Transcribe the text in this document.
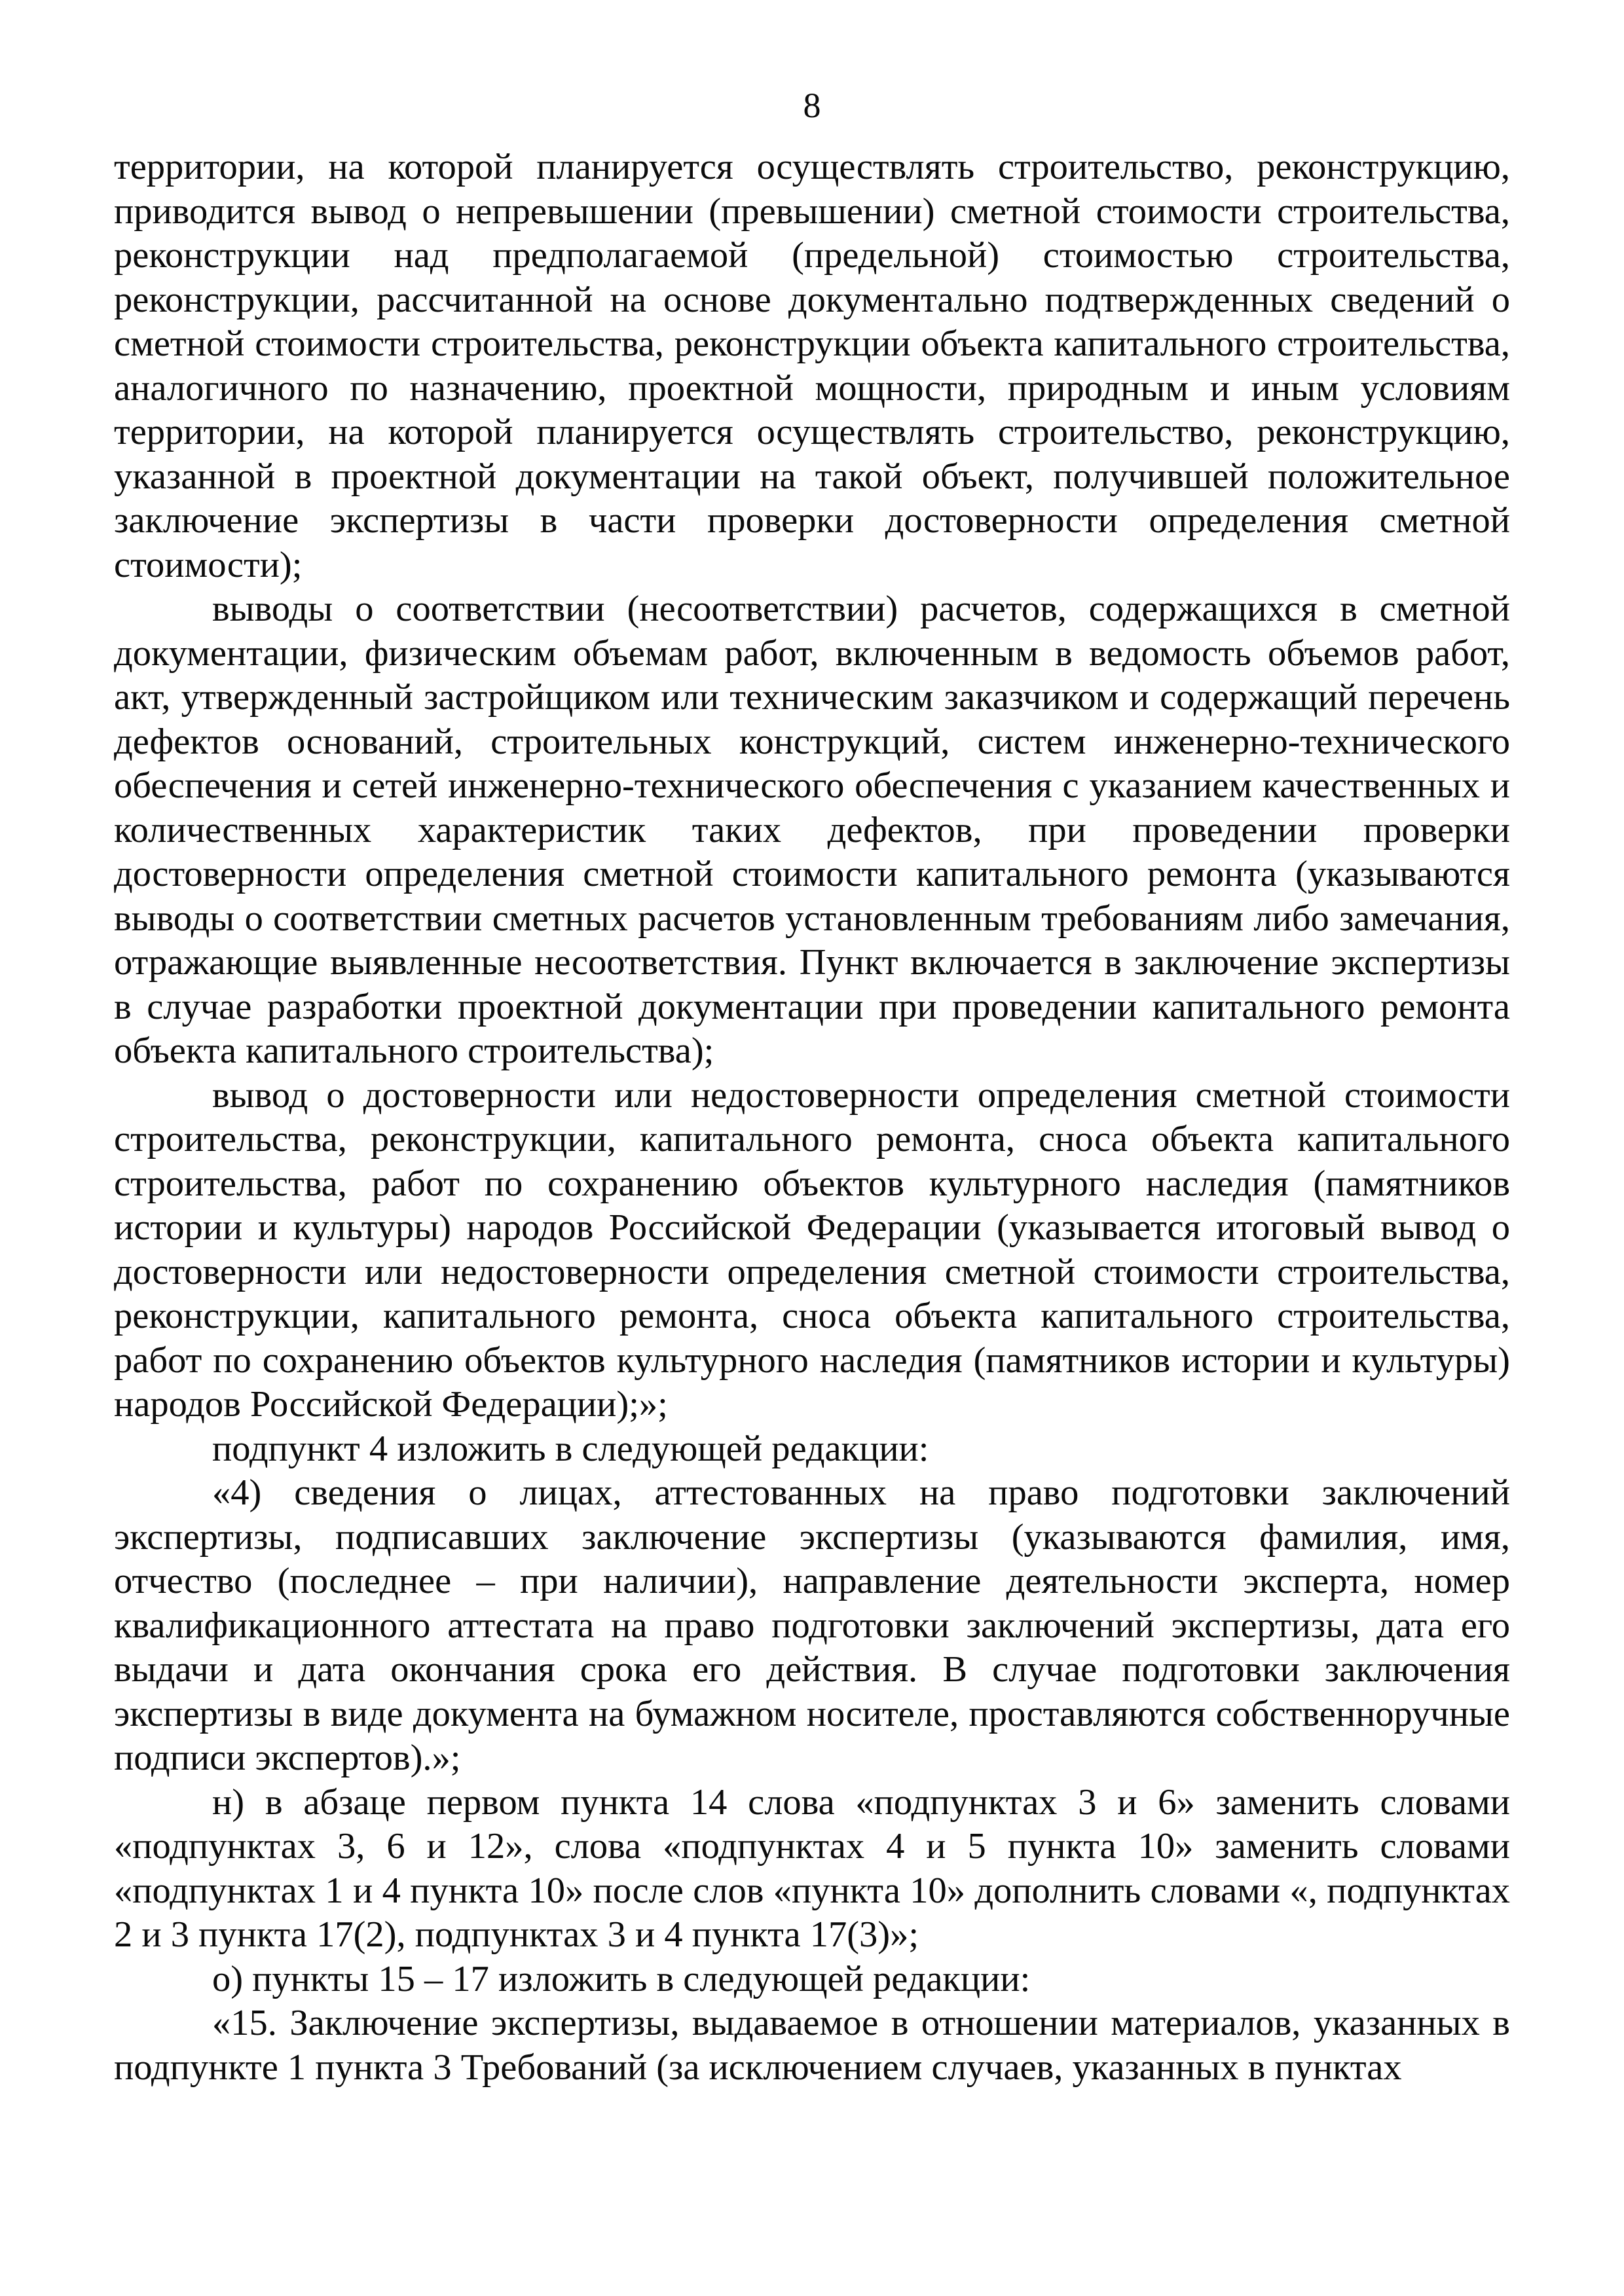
8

территории, на которой планируется осуществлять строительство, реконструкцию, приводится вывод о непревышении (превышении) сметной стоимости строительства, реконструкции над предполагаемой (предельной) стоимостью строительства, реконструкции, рассчитанной на основе документально подтвержденных сведений о сметной стоимости строительства, реконструкции объекта капитального строительства, аналогичного по назначению, проектной мощности, природным и иным условиям территории, на которой планируется осуществлять строительство, реконструкцию, указанной в проектной документации на такой объект, получившей положительное заключение экспертизы в части проверки достоверности определения сметной стоимости);

выводы о соответствии (несоответствии) расчетов, содержащихся в сметной документации, физическим объемам работ, включенным в ведомость объемов работ, акт, утвержденный застройщиком или техническим заказчиком и содержащий перечень дефектов оснований, строительных конструкций, систем инженерно-технического обеспечения и сетей инженерно-технического обеспечения с указанием качественных и количественных характеристик таких дефектов, при проведении проверки достоверности определения сметной стоимости капитального ремонта (указываются выводы о соответствии сметных расчетов установленным требованиям либо замечания, отражающие выявленные несоответствия. Пункт включается в заключение экспертизы в случае разработки проектной документации при проведении капитального ремонта объекта капитального строительства);

вывод о достоверности или недостоверности определения сметной стоимости строительства, реконструкции, капитального ремонта, сноса объекта капитального строительства, работ по сохранению объектов культурного наследия (памятников истории и культуры) народов Российской Федерации (указывается итоговый вывод о достоверности или недостоверности определения сметной стоимости строительства, реконструкции, капитального ремонта, сноса объекта капитального строительства, работ по сохранению объектов культурного наследия (памятников истории и культуры) народов Российской Федерации);»;

подпункт 4 изложить в следующей редакции:

«4) сведения о лицах, аттестованных на право подготовки заключений экспертизы, подписавших заключение экспертизы (указываются фамилия, имя, отчество (последнее – при наличии), направление деятельности эксперта, номер квалификационного аттестата на право подготовки заключений экспертизы, дата его выдачи и дата окончания срока его действия. В случае подготовки заключения экспертизы в виде документа на бумажном носителе, проставляются собственноручные подписи экспертов).»;

н) в абзаце первом пункта 14 слова «подпунктах 3 и 6» заменить словами «подпунктах 3, 6 и 12», слова «подпунктах 4 и 5 пункта 10» заменить словами «подпунктах 1 и 4 пункта 10» после слов «пункта 10» дополнить словами «, подпунктах 2 и 3 пункта 17(2), подпунктах 3 и 4 пункта 17(3)»;

о) пункты 15 – 17 изложить в следующей редакции:

«15. Заключение экспертизы, выдаваемое в отношении материалов, указанных в подпункте 1 пункта 3 Требований (за исключением случаев, указанных в пунктах
